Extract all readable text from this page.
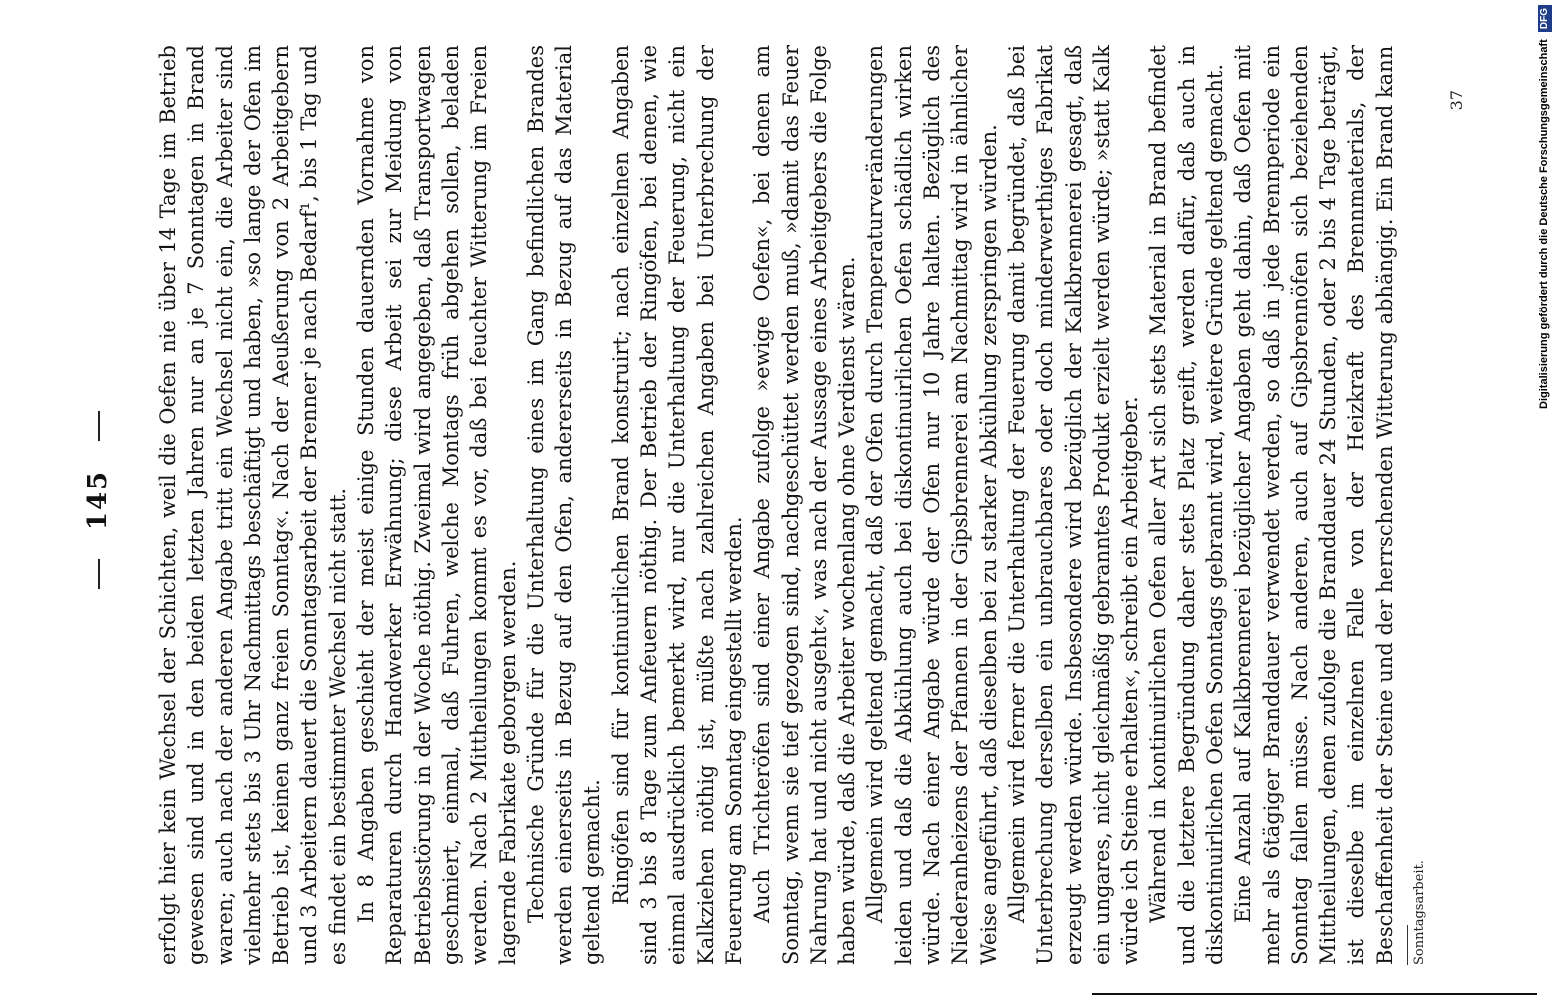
145 erfolgt hier kein Wechsel der Schichten, weil die Oefen nie über 14 Tage im Betrieb gewesen sind und in den beiden letzten Jahren nur an je 7 Sonntagen in Brand waren; auch nach der anderen Angabe tritt ein Wechsel nicht ein, die Arbeiter sind vielmehr stets bis 3 Uhr Nachmittags beschäftigt und haben, »so lange der Ofen im Betrieb ist, keinen ganz freien Sonntag«. Nach der Aeußerung von 2 Arbeitgebern und 3 Arbeitern dauert die Sonntagsarbeit der Brenner je nach Bedarf¹, bis 1 Tag und es findet ein bestimmter Wechsel nicht statt. In 8 Angaben geschieht der meist einige Stunden dauernden Vornahme von Reparaturen durch Handwerker Erwähnung; diese Arbeit sei zur Meidung von Betriebsstörung in der Woche nöthig. Zweimal wird angegeben, daß Transportwagen geschmiert, einmal, daß Fuhren, welche Montags früh abgehen sollen, beladen werden. Nach 2 Mittheilungen kommt es vor, daß bei feuchter Witterung im Freien lagernde Fabrikate geborgen werden. Technische Gründe für die Unterhaltung eines im Gang befindlichen Brandes werden einerseits in Bezug auf den Ofen, andererseits in Bezug auf das Material geltend gemacht. Ringöfen sind für kontinuirlichen Brand konstruirt; nach einzelnen Angaben sind 3 bis 8 Tage zum Anfeuern nöthig. Der Betrieb der Ringöfen, bei denen, wie einmal ausdrücklich bemerkt wird, nur die Unterhaltung der Feuerung, nicht ein Kalkziehen nöthig ist, müßte nach zahlreichen Angaben bei Unterbrechung der Feuerung am Sonntag eingestellt werden. Auch Trichteröfen sind einer Angabe zufolge »ewige Oefen«, bei denen am Sonntag, wenn sie tief gezogen sind, nachgeschüttet werden muß, »damit das Feuer Nahrung hat und nicht ausgeht«, was nach der Aussage eines Arbeitgebers die Folge haben würde, daß die Arbeiter wochenlang ohne Verdienst wären. Allgemein wird geltend gemacht, daß der Ofen durch Temperaturveränderungen leiden und daß die Abkühlung auch bei diskontinuirlichen Oefen schädlich wirken würde. Nach einer Angabe würde der Ofen nur 10 Jahre halten. Bezüglich des Niederanheizens der Pfannen in der Gipsbrennerei am Nachmittag wird in ähnlicher Weise angeführt, daß dieselben bei zu starker Abkühlung zerspringen würden. Allgemein wird ferner die Unterhaltung der Feuerung damit begründet, daß bei Unterbrechung derselben ein unbrauchbares oder doch minderwerthiges Fabrikat erzeugt werden würde. Insbesondere wird bezüglich der Kalkbrennerei gesagt, daß ein ungares, nicht gleichmäßig gebranntes Produkt erzielt werden würde; »statt Kalk würde ich Steine erhalten«, schreibt ein Arbeitgeber. Während in kontinuirlichen Oefen aller Art sich stets Material in Brand befindet und die letztere Begründung daher stets Platz greift, werden dafür, daß auch in diskontinuirlichen Oefen Sonntags gebrannt wird, weitere Gründe geltend gemacht. Eine Anzahl auf Kalkbrennerei bezüglicher Angaben geht dahin, daß Oefen mit mehr als 6tägiger Branddauer verwendet werden, so daß in jede Brennperiode ein Sonntag fallen müsse. Nach anderen, auch auf Gipsbrennöfen sich beziehenden Mittheilungen, denen zufolge die Branddauer 24 Stunden, oder 2 bis 4 Tage beträgt, ist dieselbe im einzelnen Falle von der Heizkraft des Brennmaterials, der Beschaffenheit der Steine und der herrschenden Witterung abhängig. Ein Brand kann Sonntagsarbeit.
37	Digitalisierung gefördert durch die Deutsche Forschungsgemeinschaft DFG
